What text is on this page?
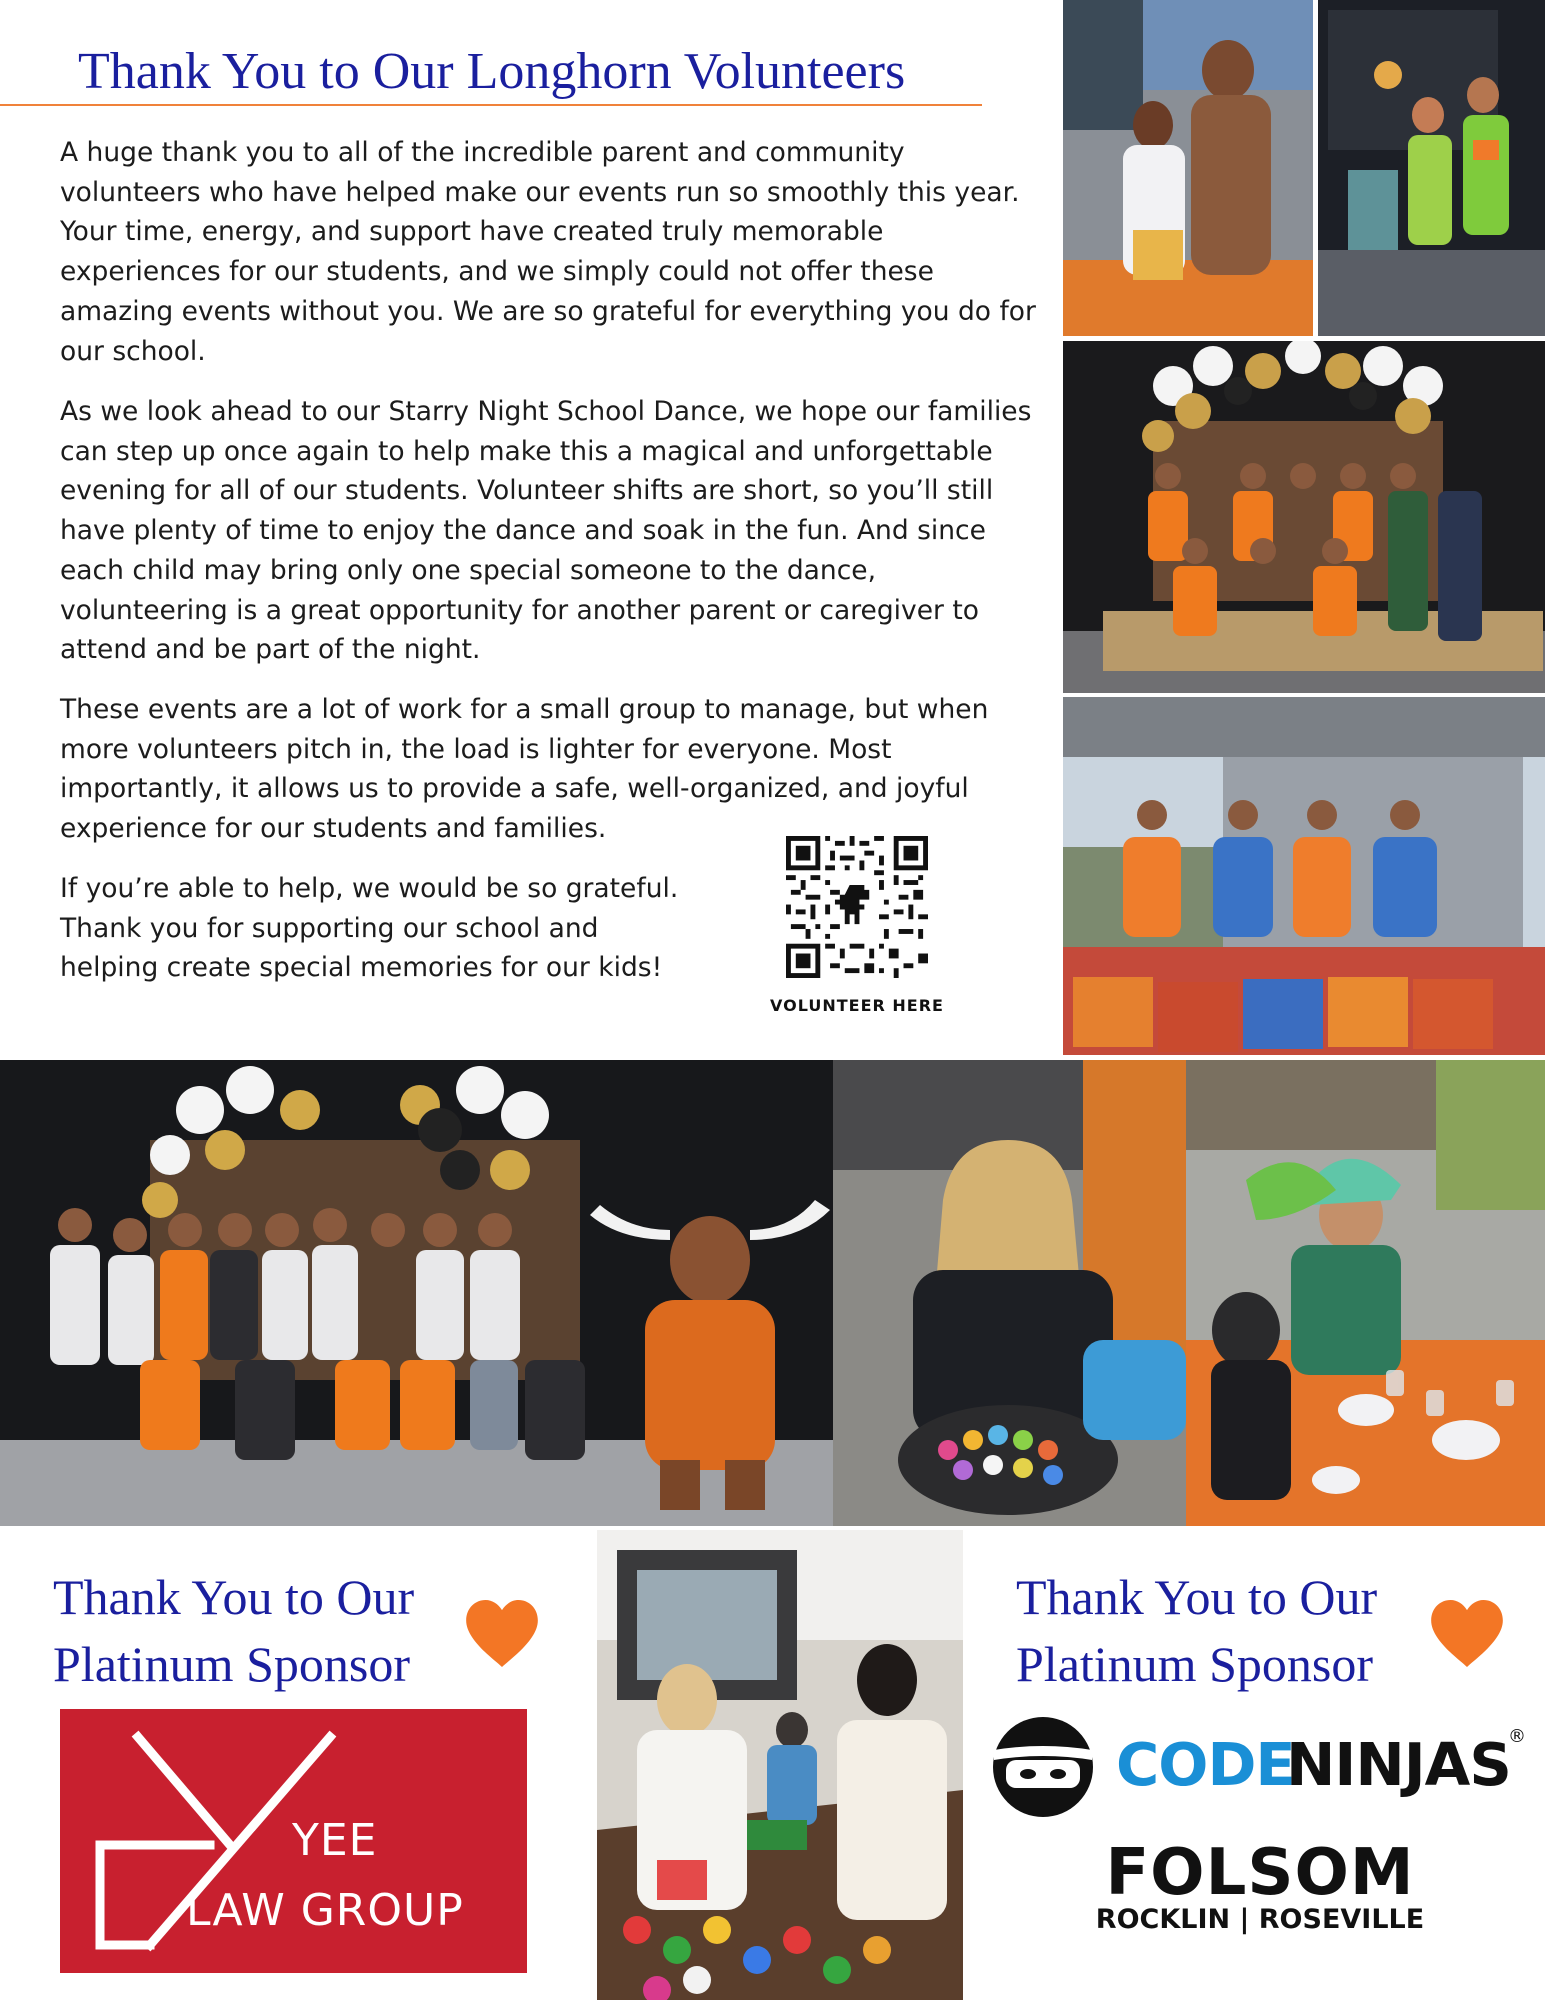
Thank You to Our Longhorn Volunteers

A huge thank you to all of the incredible parent and community volunteers who have helped make our events run so smoothly this year. Your time, energy, and support have created truly memorable experiences for our students, and we simply could not offer these amazing events without you. We are so grateful for everything you do for our school.

As we look ahead to our Starry Night School Dance, we hope our families can step up once again to help make this a magical and unforgettable evening for all of our students. Volunteer shifts are short, so you’ll still have plenty of time to enjoy the dance and soak in the fun. And since each child may bring only one special someone to the dance, volunteering is a great opportunity for another parent or caregiver to attend and be part of the night.

These events are a lot of work for a small group to manage, but when more volunteers pitch in, the load is lighter for everyone. Most importantly, it allows us to provide a safe, well-organized, and joyful experience for our students and families.

If you’re able to help, we would be so grateful.
Thank you for supporting our school and
helping create special memories for our kids!
VOLUNTEER HERE
Thank You to Our
Platinum Sponsor
YEE
LAW GROUP
Thank You to Our
Platinum Sponsor
CODE
NINJAS
®
FOLSOM
ROCKLIN | ROSEVILLE
